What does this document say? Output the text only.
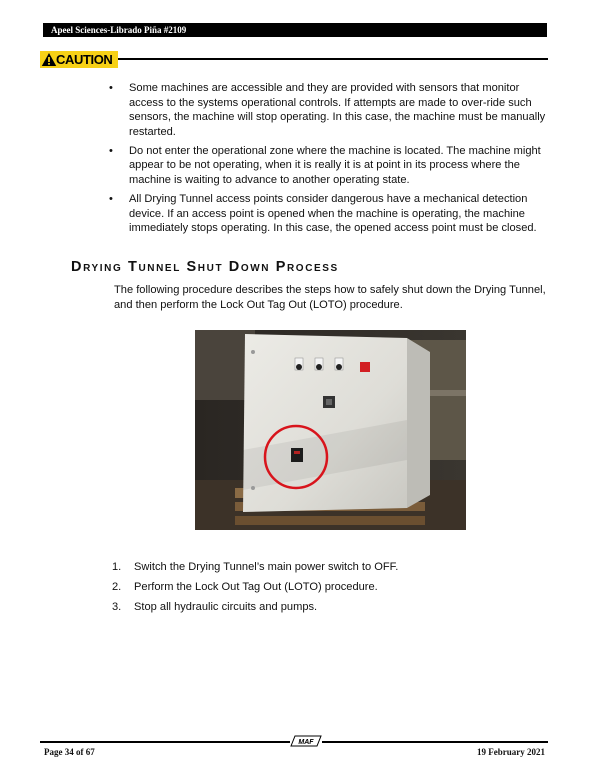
Apeel Sciences-Librado Piña #2109
CAUTION
• Some machines are accessible and they are provided with sensors that monitor access to the systems operational controls. If attempts are made to over-ride such sensors, the machine will stop operating. In this case, the machine must be manually restarted.
• Do not enter the operational zone where the machine is located. The machine might appear to be not operating, when it is really it is at point in its process where the machine is waiting to advance to another operating state.
• All Drying Tunnel access points consider dangerous have a mechanical detection device. If an access point is opened when the machine is operating, the machine immediately stops operating. In this case, the opened access point must be closed.
Drying Tunnel Shut Down Process

The following procedure describes the steps how to safely shut down the Drying Tunnel, and then perform the Lock Out Tag Out (LOTO) procedure.

1. Switch the Drying Tunnel’s main power switch to OFF.
2. Perform the Lock Out Tag Out (LOTO) procedure.
3. Stop all hydraulic circuits and pumps.
MAF
Page 34 of 67	19 February 2021
